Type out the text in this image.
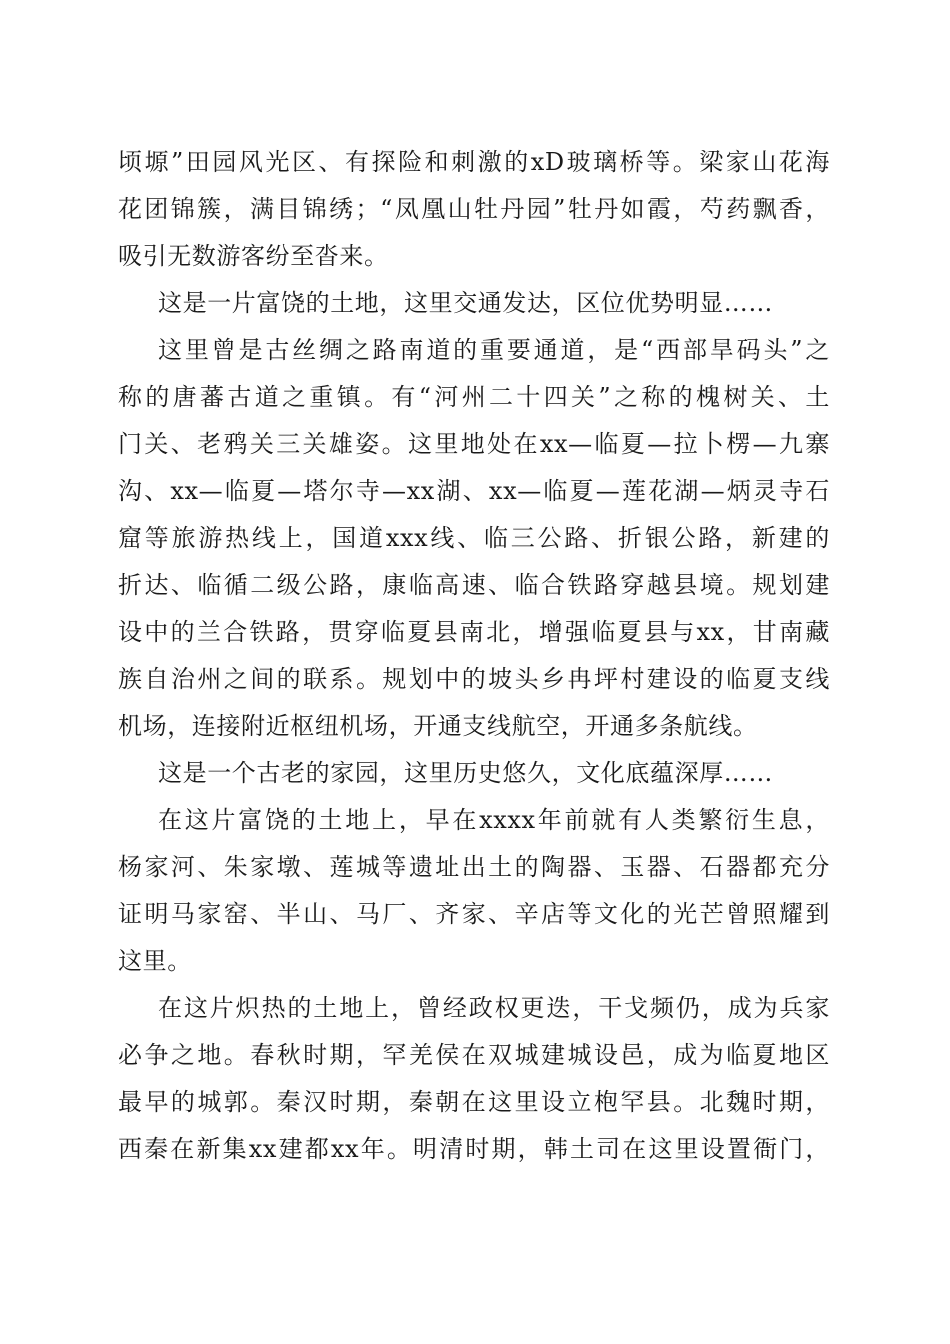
顷塬”田园风光区、有探险和刺激的xD玻璃桥等。梁家山花海
花团锦簇，满目锦绣；“凤凰山牡丹园”牡丹如霞，芍药飘香，
吸引无数游客纷至沓来。
这是一片富饶的土地，这里交通发达，区位优势明显……
这里曾是古丝绸之路南道的重要通道，是“西部旱码头”之
称的唐蕃古道之重镇。有“河州二十四关”之称的槐树关、土
门关、老鸦关三关雄姿。这里地处在xx—临夏—拉卜楞—九寨
沟、xx—临夏—塔尔寺—xx湖、xx—临夏—莲花湖—炳灵寺石
窟等旅游热线上，国道xxx线、临三公路、折银公路，新建的
折达、临循二级公路，康临高速、临合铁路穿越县境。规划建
设中的兰合铁路，贯穿临夏县南北，增强临夏县与xx，甘南藏
族自治州之间的联系。规划中的坡头乡冉坪村建设的临夏支线
机场，连接附近枢纽机场，开通支线航空，开通多条航线。
这是一个古老的家园，这里历史悠久，文化底蕴深厚……
在这片富饶的土地上，早在xxxx年前就有人类繁衍生息，
杨家河、朱家墩、莲城等遗址出土的陶器、玉器、石器都充分
证明马家窑、半山、马厂、齐家、辛店等文化的光芒曾照耀到
这里。
在这片炽热的土地上，曾经政权更迭，干戈频仍，成为兵家
必争之地。春秋时期，罕羌侯在双城建城设邑，成为临夏地区
最早的城郭。秦汉时期，秦朝在这里设立枹罕县。北魏时期，
西秦在新集xx建都xx年。明清时期，韩土司在这里设置衙门，
